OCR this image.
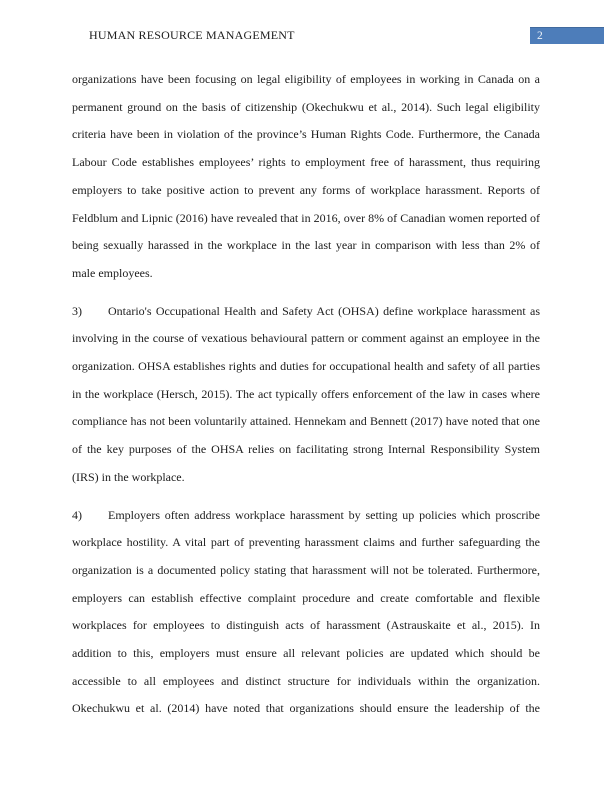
HUMAN RESOURCE MANAGEMENT	2

organizations have been focusing on legal eligibility of employees in working in Canada on a permanent ground on the basis of citizenship (Okechukwu et al., 2014). Such legal eligibility criteria have been in violation of the province’s Human Rights Code. Furthermore, the Canada Labour Code establishes employees’ rights to employment free of harassment, thus requiring employers to take positive action to prevent any forms of workplace harassment. Reports of Feldblum and Lipnic (2016) have revealed that in 2016, over 8% of Canadian women reported of being sexually harassed in the workplace in the last year in comparison with less than 2% of male employees.

3) Ontario's Occupational Health and Safety Act (OHSA) define workplace harassment as involving in the course of vexatious behavioural pattern or comment against an employee in the organization. OHSA establishes rights and duties for occupational health and safety of all parties in the workplace (Hersch, 2015). The act typically offers enforcement of the law in cases where compliance has not been voluntarily attained. Hennekam and Bennett (2017) have noted that one of the key purposes of the OHSA relies on facilitating strong Internal Responsibility System (IRS) in the workplace.

4) Employers often address workplace harassment by setting up policies which proscribe workplace hostility. A vital part of preventing harassment claims and further safeguarding the organization is a documented policy stating that harassment will not be tolerated. Furthermore, employers can establish effective complaint procedure and create comfortable and flexible workplaces for employees to distinguish acts of harassment (Astrauskaite et al., 2015). In addition to this, employers must ensure all relevant policies are updated which should be accessible to all employees and distinct structure for individuals within the organization. Okechukwu et al. (2014) have noted that organizations should ensure the leadership of the
